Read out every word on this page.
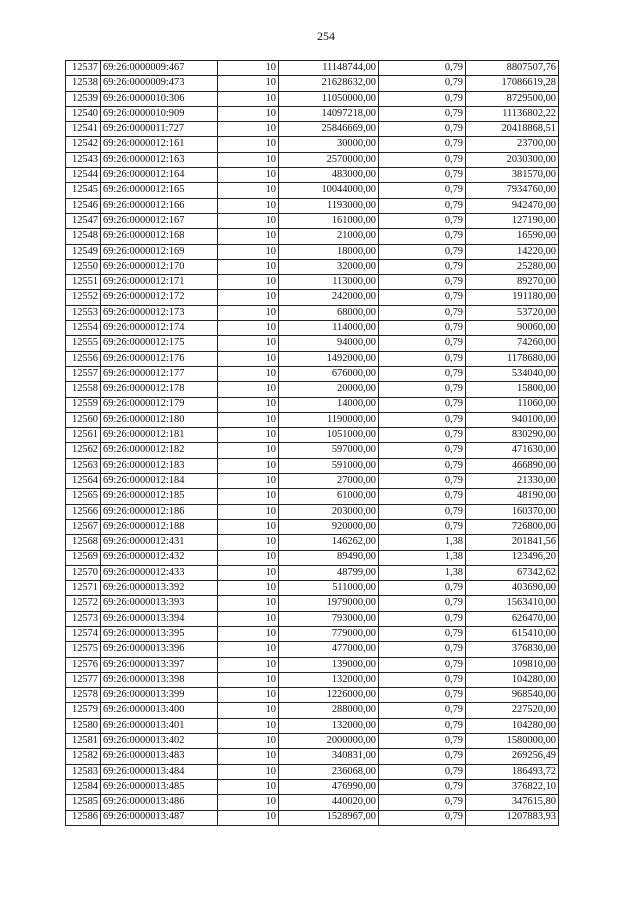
254
12537	69:26:0000009:467	10	11148744,00	0,79	8807507,76
12538	69:26:0000009:473	10	21628632,00	0,79	17086619,28
12539	69:26:0000010:306	10	11050000,00	0,79	8729500,00
12540	69:26:0000010:909	10	14097218,00	0,79	11136802,22
12541	69:26:0000011:727	10	25846669,00	0,79	20418868,51
12542	69:26:0000012:161	10	30000,00	0,79	23700,00
12543	69:26:0000012:163	10	2570000,00	0,79	2030300,00
12544	69:26:0000012:164	10	483000,00	0,79	381570,00
12545	69:26:0000012:165	10	10044000,00	0,79	7934760,00
12546	69:26:0000012:166	10	1193000,00	0,79	942470,00
12547	69:26:0000012:167	10	161000,00	0,79	127190,00
12548	69:26:0000012:168	10	21000,00	0,79	16590,00
12549	69:26:0000012:169	10	18000,00	0,79	14220,00
12550	69:26:0000012:170	10	32000,00	0,79	25280,00
12551	69:26:0000012:171	10	113000,00	0,79	89270,00
12552	69:26:0000012:172	10	242000,00	0,79	191180,00
12553	69:26:0000012:173	10	68000,00	0,79	53720,00
12554	69:26:0000012:174	10	114000,00	0,79	90060,00
12555	69:26:0000012:175	10	94000,00	0,79	74260,00
12556	69:26:0000012:176	10	1492000,00	0,79	1178680,00
12557	69:26:0000012:177	10	676000,00	0,79	534040,00
12558	69:26:0000012:178	10	20000,00	0,79	15800,00
12559	69:26:0000012:179	10	14000,00	0,79	11060,00
12560	69:26:0000012:180	10	1190000,00	0,79	940100,00
12561	69:26:0000012:181	10	1051000,00	0,79	830290,00
12562	69:26:0000012:182	10	597000,00	0,79	471630,00
12563	69:26:0000012:183	10	591000,00	0,79	466890,00
12564	69:26:0000012:184	10	27000,00	0,79	21330,00
12565	69:26:0000012:185	10	61000,00	0,79	48190,00
12566	69:26:0000012:186	10	203000,00	0,79	160370,00
12567	69:26:0000012:188	10	920000,00	0,79	726800,00
12568	69:26:0000012:431	10	146262,00	1,38	201841,56
12569	69:26:0000012:432	10	89490,00	1,38	123496,20
12570	69:26:0000012:433	10	48799,00	1,38	67342,62
12571	69:26:0000013:392	10	511000,00	0,79	403690,00
12572	69:26:0000013:393	10	1979000,00	0,79	1563410,00
12573	69:26:0000013:394	10	793000,00	0,79	626470,00
12574	69:26:0000013:395	10	779000,00	0,79	615410,00
12575	69:26:0000013:396	10	477000,00	0,79	376830,00
12576	69:26:0000013:397	10	139000,00	0,79	109810,00
12577	69:26:0000013:398	10	132000,00	0,79	104280,00
12578	69:26:0000013:399	10	1226000,00	0,79	968540,00
12579	69:26:0000013:400	10	288000,00	0,79	227520,00
12580	69:26:0000013:401	10	132000,00	0,79	104280,00
12581	69:26:0000013:402	10	2000000,00	0,79	1580000,00
12582	69:26:0000013:483	10	340831,00	0,79	269256,49
12583	69:26:0000013:484	10	236068,00	0,79	186493,72
12584	69:26:0000013:485	10	476990,00	0,79	376822,10
12585	69:26:0000013:486	10	440020,00	0,79	347615,80
12586	69:26:0000013:487	10	1528967,00	0,79	1207883,93
